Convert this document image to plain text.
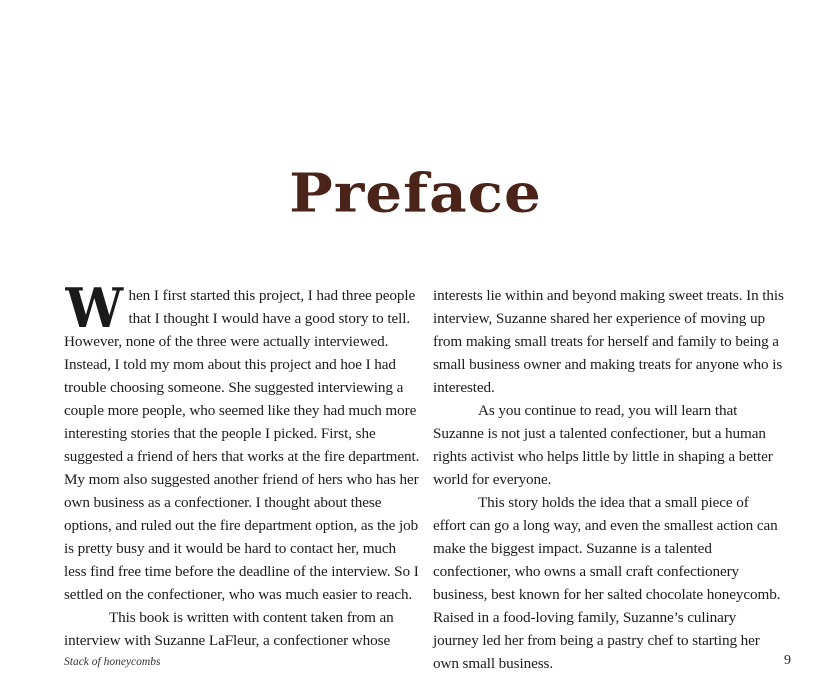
Preface

When I first started this project, I had three people that I thought I would have a good story to tell. However, none of the three were actually interviewed. Instead, I told my mom about this project and hoe I had trouble choosing someone. She suggested interviewing a couple more people, who seemed like they had much more interesting stories that the people I picked. First, she suggested a friend of hers that works at the fire department. My mom also suggested another friend of hers who has her own business as a confectioner. I thought about these options, and ruled out the fire department option, as the job is pretty busy and it would be hard to contact her, much less find free time before the deadline of the interview. So I settled on the confectioner, who was much easier to reach.

This book is written with content taken from an interview with Suzanne LaFleur, a confectioner whose

interests lie within and beyond making sweet treats. In this interview, Suzanne shared her experience of moving up from making small treats for herself and family to being a small business owner and making treats for anyone who is interested.

As you continue to read, you will learn that Suzanne is not just a talented confectioner, but a human rights activist who helps little by little in shaping a better world for everyone.

This story holds the idea that a small piece of effort can go a long way, and even the smallest action can make the biggest impact. Suzanne is a talented confectioner, who owns a small craft confectionery business, best known for her salted chocolate honeycomb. Raised in a food-loving family, Suzanne’s culinary journey led her from being a pastry chef to starting her own small business.

Stack of honeycombs	9
